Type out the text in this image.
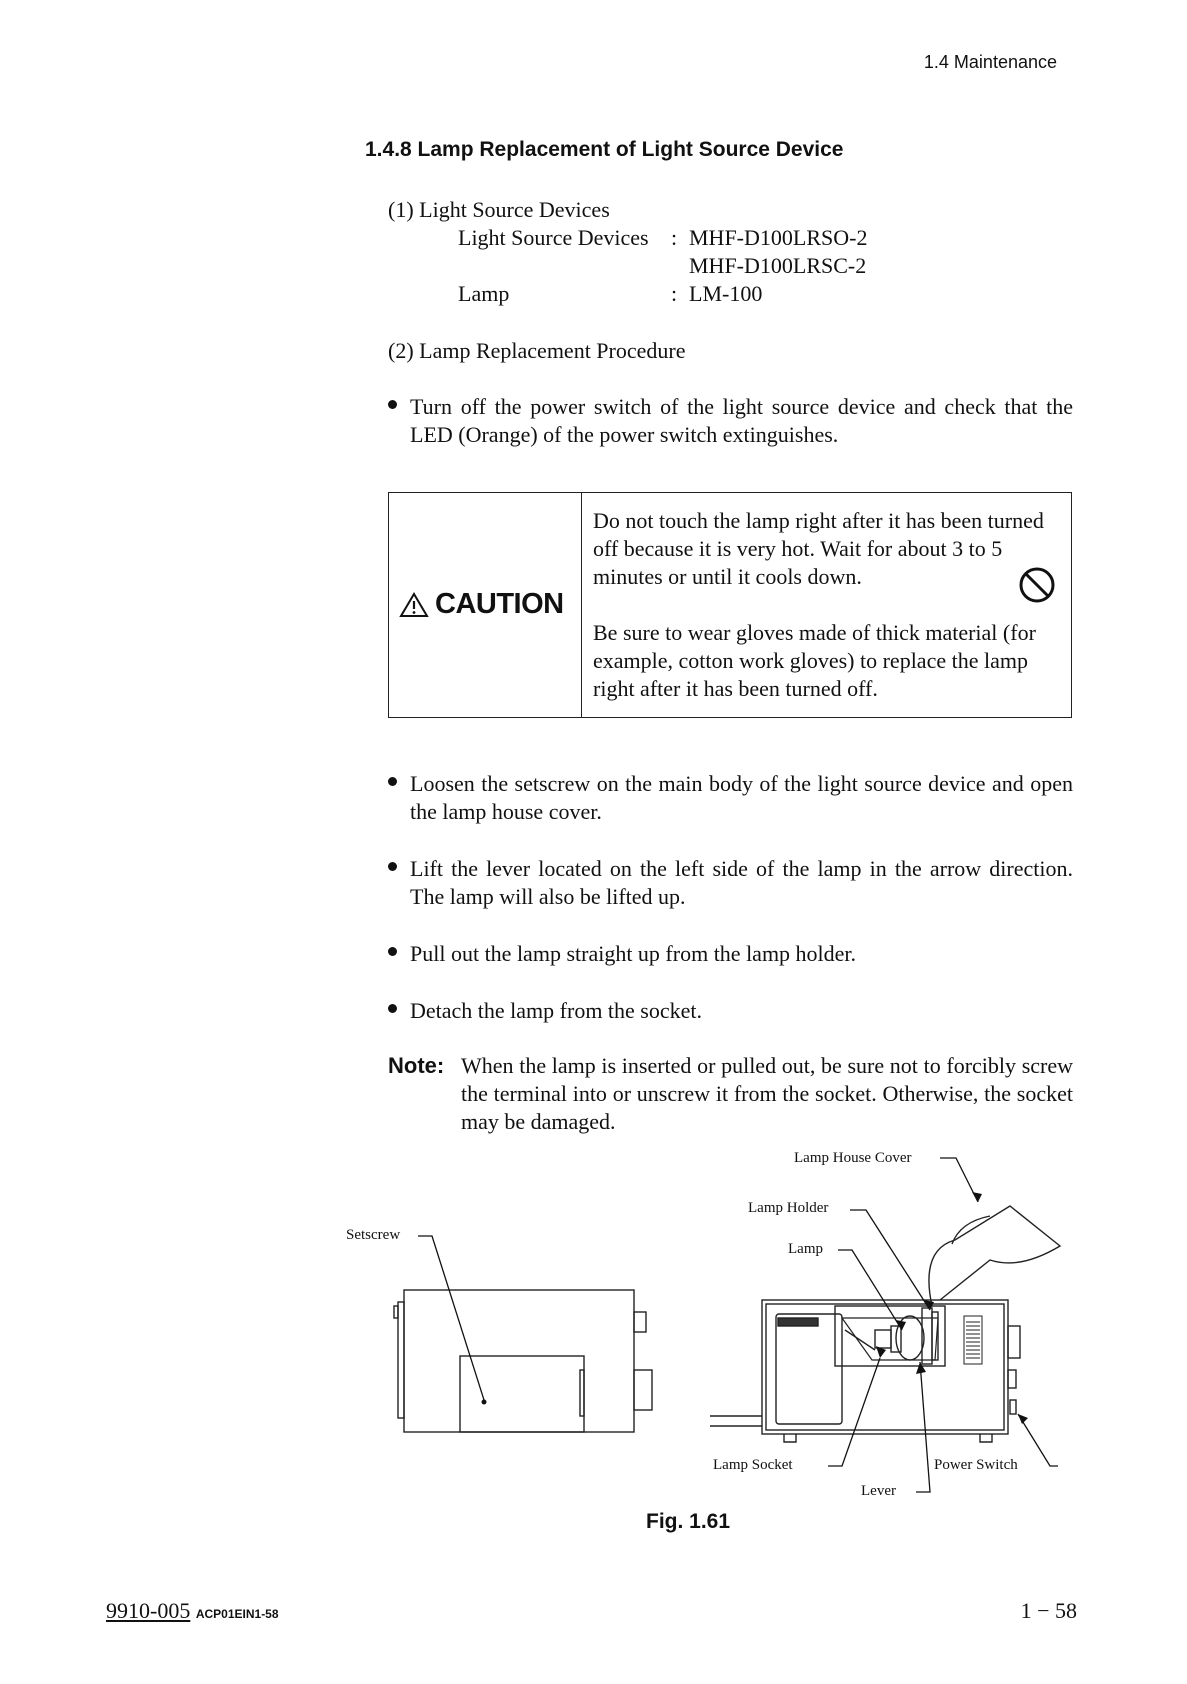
1.4 Maintenance
1.4.8 Lamp Replacement of Light Source Device
(1) Light Source Devices
Light Source Devices : MHF-D100LRSO-2
MHF-D100LRSC-2
Lamp	: LM-100
(2) Lamp Replacement Procedure
Turn off the power switch of the light source device and check that the LED (Orange) of the power switch extinguishes.
CAUTION
Do not touch the lamp right after it has been turned off because it is very hot. Wait for about 3 to 5 minutes or until it cools down.
Be sure to wear gloves made of thick material (for example, cotton work gloves) to replace the lamp right after it has been turned off.
Loosen the setscrew on the main body of the light source device and open the lamp house cover.
Lift the lever located on the left side of the lamp in the arrow direction. The lamp will also be lifted up.
Pull out the lamp straight up from the lamp holder.
Detach the lamp from the socket.
Note: When the lamp is inserted or pulled out, be sure not to forcibly screw the terminal into or unscrew it from the socket. Otherwise, the socket may be damaged.
Setscrew
Lamp House Cover
Lamp Holder
Lamp
Lamp Socket
Lever
Power Switch
Fig. 1.61
9910-005 ACP01EIN1-58	1 − 58
